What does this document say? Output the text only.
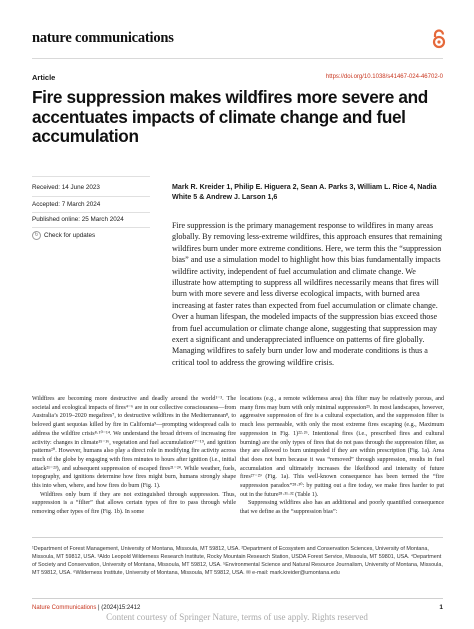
nature communications
Article	https://doi.org/10.1038/s41467-024-46702-0
Fire suppression makes wildfires more severe and accentuates impacts of climate change and fuel accumulation
Received: 14 June 2023
Accepted: 7 March 2024
Published online: 25 March 2024
↻ Check for updates
Mark R. Kreider 1, Philip E. Higuera 2, Sean A. Parks 3, William L. Rice 4, Nadia White 5 & Andrew J. Larson 1,6
Fire suppression is the primary management response to wildfires in many areas globally. By removing less-extreme wildfires, this approach ensures that remaining wildfires burn under more extreme conditions. Here, we term this the “suppression bias” and use a simulation model to highlight how this bias fundamentally impacts wildfire activity, independent of fuel accumulation and climate change. We illustrate how attempting to suppress all wildfires necessarily means that fires will burn with more severe and less diverse ecological impacts, with burned area increasing at faster rates than expected from fuel accumulation or climate change. Over a human lifespan, the modeled impacts of the suppression bias exceed those from fuel accumulation or climate change alone, suggesting that suppression may exert a significant and underappreciated influence on patterns of fire globally. Managing wildfires to safely burn under low and moderate conditions is thus a critical tool to address the growing wildfire crisis.

Wildfires are becoming more destructive and deadly around the world¹⁻³. The societal and ecological impacts of fires⁴⁻⁶ are in our collective consciousness—from Australia’s 2019–2020 megafires⁷, to destructive wildfires in the Mediterranean⁸, to beloved giant sequoias killed by fire in California⁹—prompting widespread calls to address the wildfire crisis⁸·¹⁰⁻¹⁴. We understand the broad drivers of increasing fire activity: changes in climate¹⁵⁻¹⁶, vegetation and fuel accumulation¹⁷⁻¹⁹, and ignition patterns²⁰. However, humans also play a direct role in modifying fire activity across much of the globe by engaging with fires minutes to hours after ignition (i.e., initial attack²¹⁻²³), and subsequent suppression of escaped fires²¹⁻²⁴. While weather, fuels, topography, and ignitions determine how fires might burn, humans strongly shape this into when, where, and how fires do burn (Fig. 1).

Wildfires only burn if they are not extinguished through suppression. Thus, suppression is a “filter” that allows certain types of fire to pass through while removing other types of fire (Fig. 1b). In some

locations (e.g., a remote wilderness area) this filter may be relatively porous, and many fires may burn with only minimal suppression²⁵. In most landscapes, however, aggressive suppression of fire is a cultural expectation, and the suppression filter is much less permeable, with only the most extreme fires escaping (e.g., Maximum suppression in Fig. 1)²²·²⁶. Intentional fires (i.e., prescribed fires and cultural burning) are the only types of fires that do not pass through the suppression filter, as they are allowed to burn unimpeded if they are within prescription (Fig. 1a). Area that does not burn because it was “removed” through suppression, results in fuel accumulation and ultimately increases the likelihood and intensity of future fires²⁷⁻²⁹ (Fig. 1a). This well-known consequence has been termed the “fire suppression paradox”²⁸·³⁰: by putting out a fire today, we make fires harder to put out in the future²⁸·³¹·³² (Table 1).

Suppressing wildfires also has an additional and poorly quantified consequence that we define as the “suppression bias”:

¹Department of Forest Management, University of Montana, Missoula, MT 59812, USA. ²Department of Ecosystem and Conservation Sciences, University of Montana, Missoula, MT 59812, USA. ³Aldo Leopold Wilderness Research Institute, Rocky Mountain Research Station, USDA Forest Service, Missoula, MT 59801, USA. ⁴Department of Society and Conservation, University of Montana, Missoula, MT 59812, USA. ⁵Environmental Science and Natural Resource Journalism, University of Montana, Missoula, MT 59812, USA. ⁶Wilderness Institute, University of Montana, Missoula, MT 59812, USA. ✉ e-mail: mark.kreider@umontana.edu
Nature Communications | (2024)15:2412	1
Content courtesy of Springer Nature, terms of use apply. Rights reserved
